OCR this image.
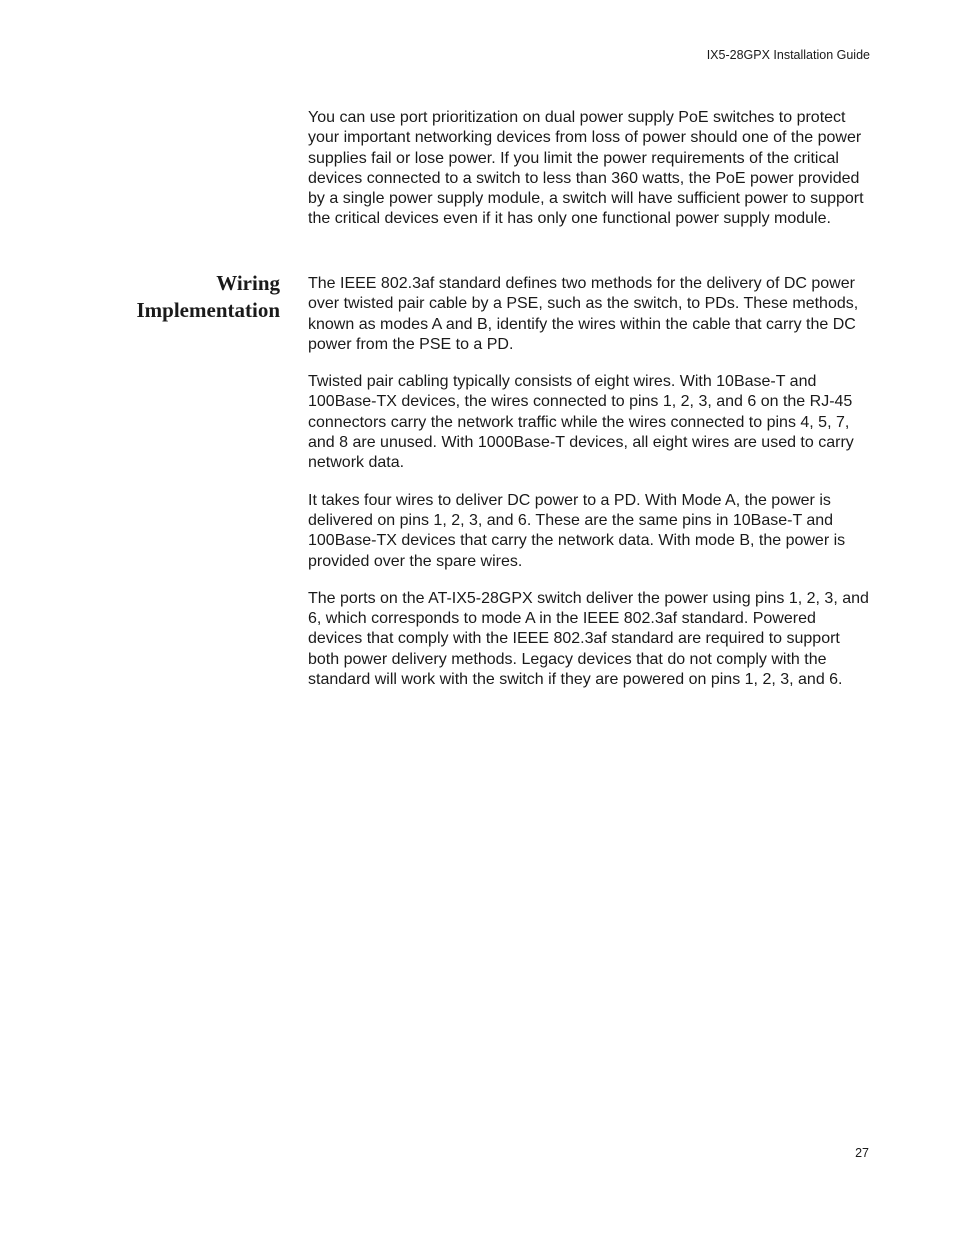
IX5-28GPX Installation Guide

You can use port prioritization on dual power supply PoE switches to protect your important networking devices from loss of power should one of the power supplies fail or lose power. If you limit the power requirements of the critical devices connected to a switch to less than 360 watts, the PoE power provided by a single power supply module, a switch will have sufficient power to support the critical devices even if it has only one functional power supply module.

Wiring
Implementation

The IEEE 802.3af standard defines two methods for the delivery of DC power over twisted pair cable by a PSE, such as the switch, to PDs. These methods, known as modes A and B, identify the wires within the cable that carry the DC power from the PSE to a PD.

Twisted pair cabling typically consists of eight wires. With 10Base-T and 100Base-TX devices, the wires connected to pins 1, 2, 3, and 6 on the RJ-45 connectors carry the network traffic while the wires connected to pins 4, 5, 7, and 8 are unused. With 1000Base-T devices, all eight wires are used to carry network data.

It takes four wires to deliver DC power to a PD. With Mode A, the power is delivered on pins 1, 2, 3, and 6. These are the same pins in 10Base-T and 100Base-TX devices that carry the network data. With mode B, the power is provided over the spare wires.

The ports on the AT-IX5-28GPX switch deliver the power using pins 1, 2, 3, and 6, which corresponds to mode A in the IEEE 802.3af standard. Powered devices that comply with the IEEE 802.3af standard are required to support both power delivery methods. Legacy devices that do not comply with the standard will work with the switch if they are powered on pins 1, 2, 3, and 6.

27
